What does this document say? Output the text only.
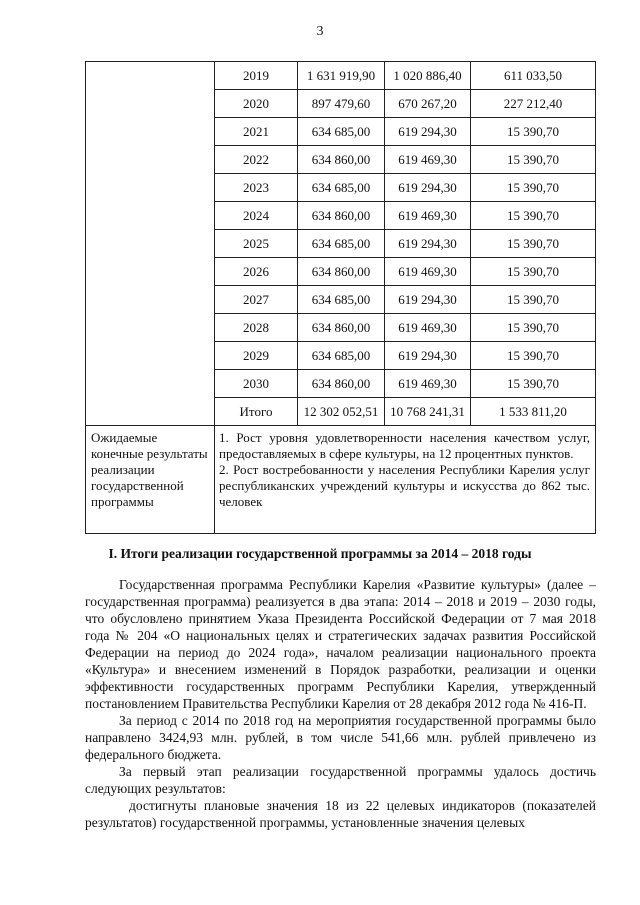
3
	2019	1 631 919,90	1 020 886,40	611 033,50
	2020	897 479,60	670 267,20	227 212,40
	2021	634 685,00	619 294,30	15 390,70
	2022	634 860,00	619 469,30	15 390,70
	2023	634 685,00	619 294,30	15 390,70
	2024	634 860,00	619 469,30	15 390,70
	2025	634 685,00	619 294,30	15 390,70
	2026	634 860,00	619 469,30	15 390,70
	2027	634 685,00	619 294,30	15 390,70
	2028	634 860,00	619 469,30	15 390,70
	2029	634 685,00	619 294,30	15 390,70
	2030	634 860,00	619 469,30	15 390,70
	Итого	12 302 052,51	10 768 241,31	1 533 811,20
Ожидаемые конечные результаты реализации государственной программы	1. Рост уровня удовлетворенности населения качеством услуг, предоставляемых в сфере культуры, на 12 процентных пунктов.

2. Рост востребованности у населения Республики Карелия услуг республиканских учреждений культуры и искусства до 862 тыс. человек			

I. Итоги реализации государственной программы за 2014 – 2018 годы

Государственная программа Республики Карелия «Развитие культуры» (далее – государственная программа) реализуется в два этапа: 2014 – 2018 и 2019 – 2030 годы, что обусловлено принятием Указа Президента Российской Федерации от 7 мая 2018 года № 204 «О национальных целях и стратегических задачах развития Российской Федерации на период до 2024 года», началом реализации национального проекта «Культура» и внесением изменений в Порядок разработки, реализации и оценки эффективности государственных программ Республики Карелия, утвержденный постановлением Правительства Республики Карелия от 28 декабря 2012 года № 416-П.

За период с 2014 по 2018 год на мероприятия государственной программы было направлено 3424,93 млн. рублей, в том числе 541,66 млн. рублей привлечено из федерального бюджета.

За первый этап реализации государственной программы удалось достичь следующих результатов:

достигнуты плановые значения 18 из 22 целевых индикаторов (показателей результатов) государственной программы, установленные значения целевых
